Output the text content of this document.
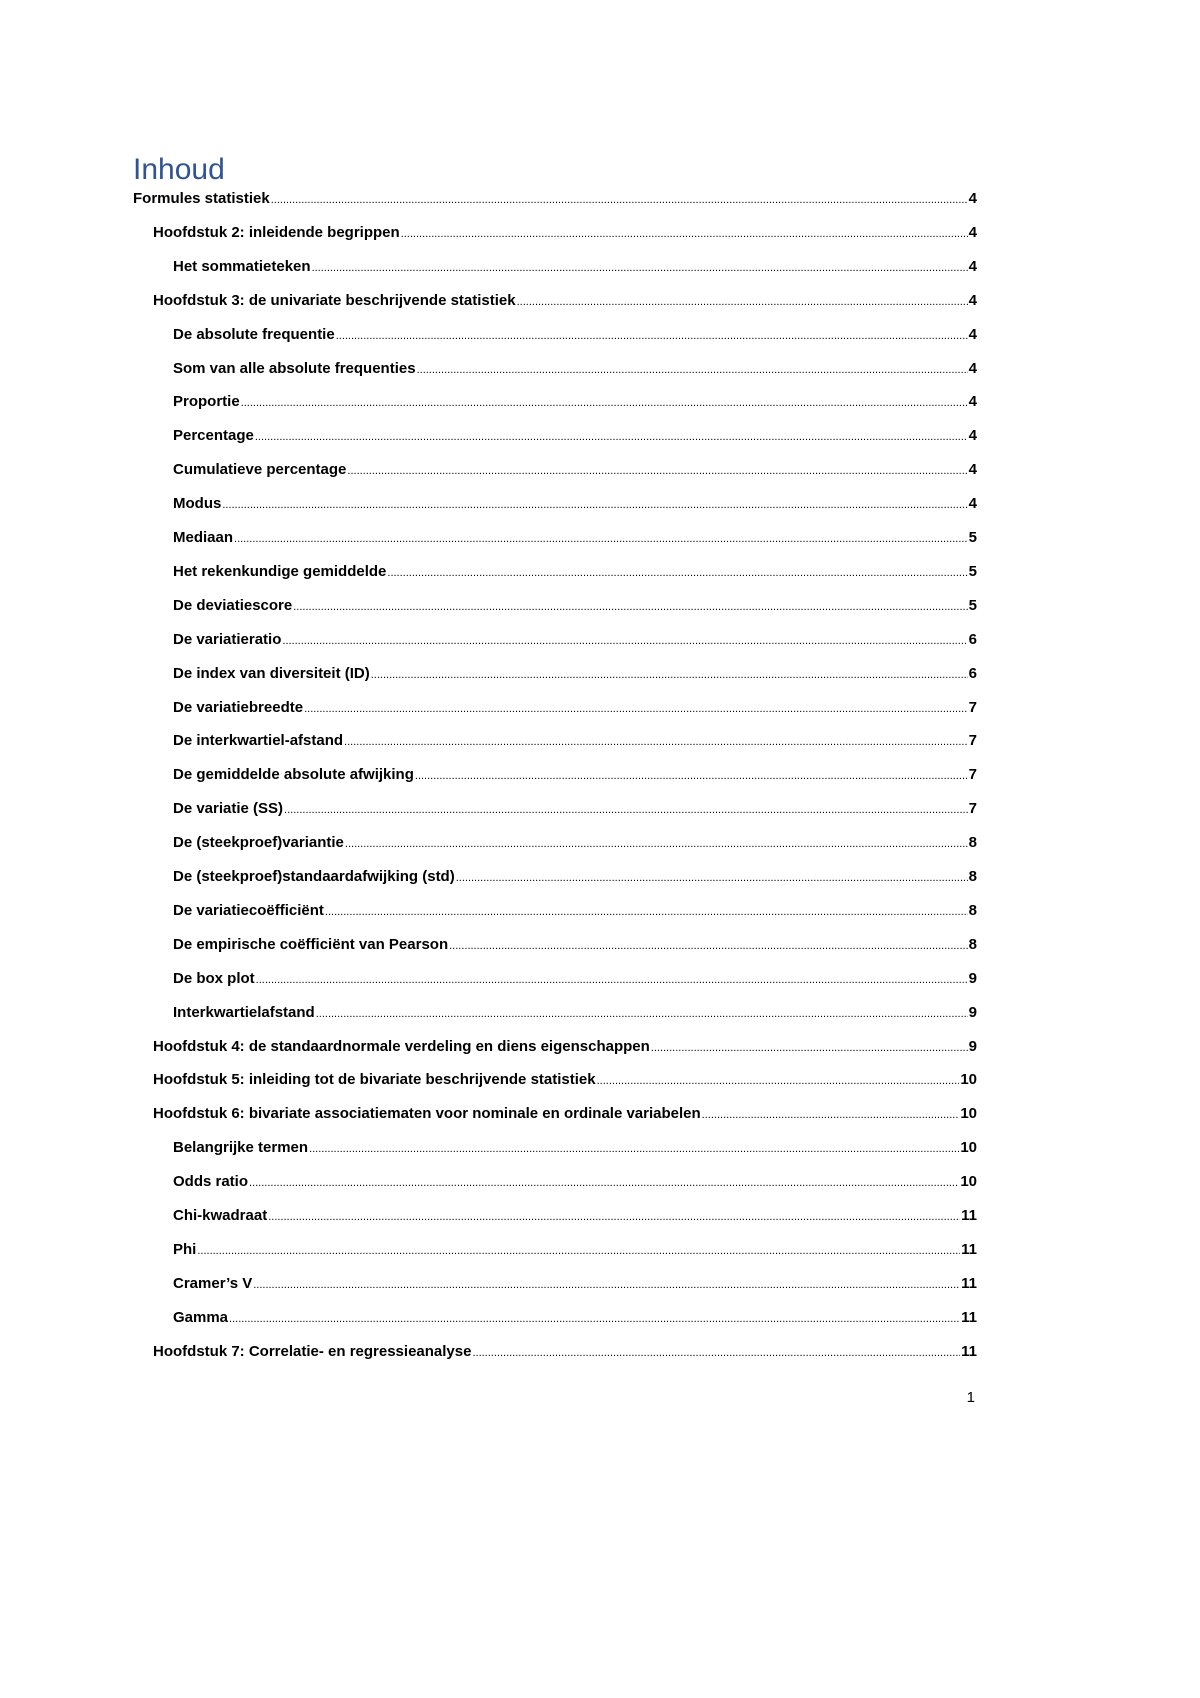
Inhoud
Formules statistiek .....	4
Hoofdstuk 2: inleidende begrippen .....	4
Het sommatieteken .....	4
Hoofdstuk 3: de univariate beschrijvende statistiek .....	4
De absolute frequentie .....	4
Som van alle absolute frequenties .....	4
Proportie .....	4
Percentage .....	4
Cumulatieve percentage .....	4
Modus .....	4
Mediaan .....	5
Het rekenkundige gemiddelde .....	5
De deviatiescore .....	5
De variatieratio .....	6
De index van diversiteit (ID) .....	6
De variatiebreedte .....	7
De interkwartiel-afstand .....	7
De gemiddelde absolute afwijking .....	7
De variatie (SS) .....	7
De (steekproef)variantie .....	8
De (steekproef)standaardafwijking (std) .....	8
De variatiecoëfficiënt .....	8
De empirische coëfficiënt van Pearson .....	8
De box plot .....	9
Interkwartielafstand .....	9
Hoofdstuk 4: de standaardnormale verdeling en diens eigenschappen .....	9
Hoofdstuk 5: inleiding tot de bivariate beschrijvende statistiek .....	10
Hoofdstuk 6: bivariate associatiematen voor nominale en ordinale variabelen .....	10
Belangrijke termen .....	10
Odds ratio .....	10
Chi-kwadraat .....	11
Phi .....	11
Cramer’s V .....	11
Gamma .....	11
Hoofdstuk 7: Correlatie- en regressieanalyse .....	11
1
